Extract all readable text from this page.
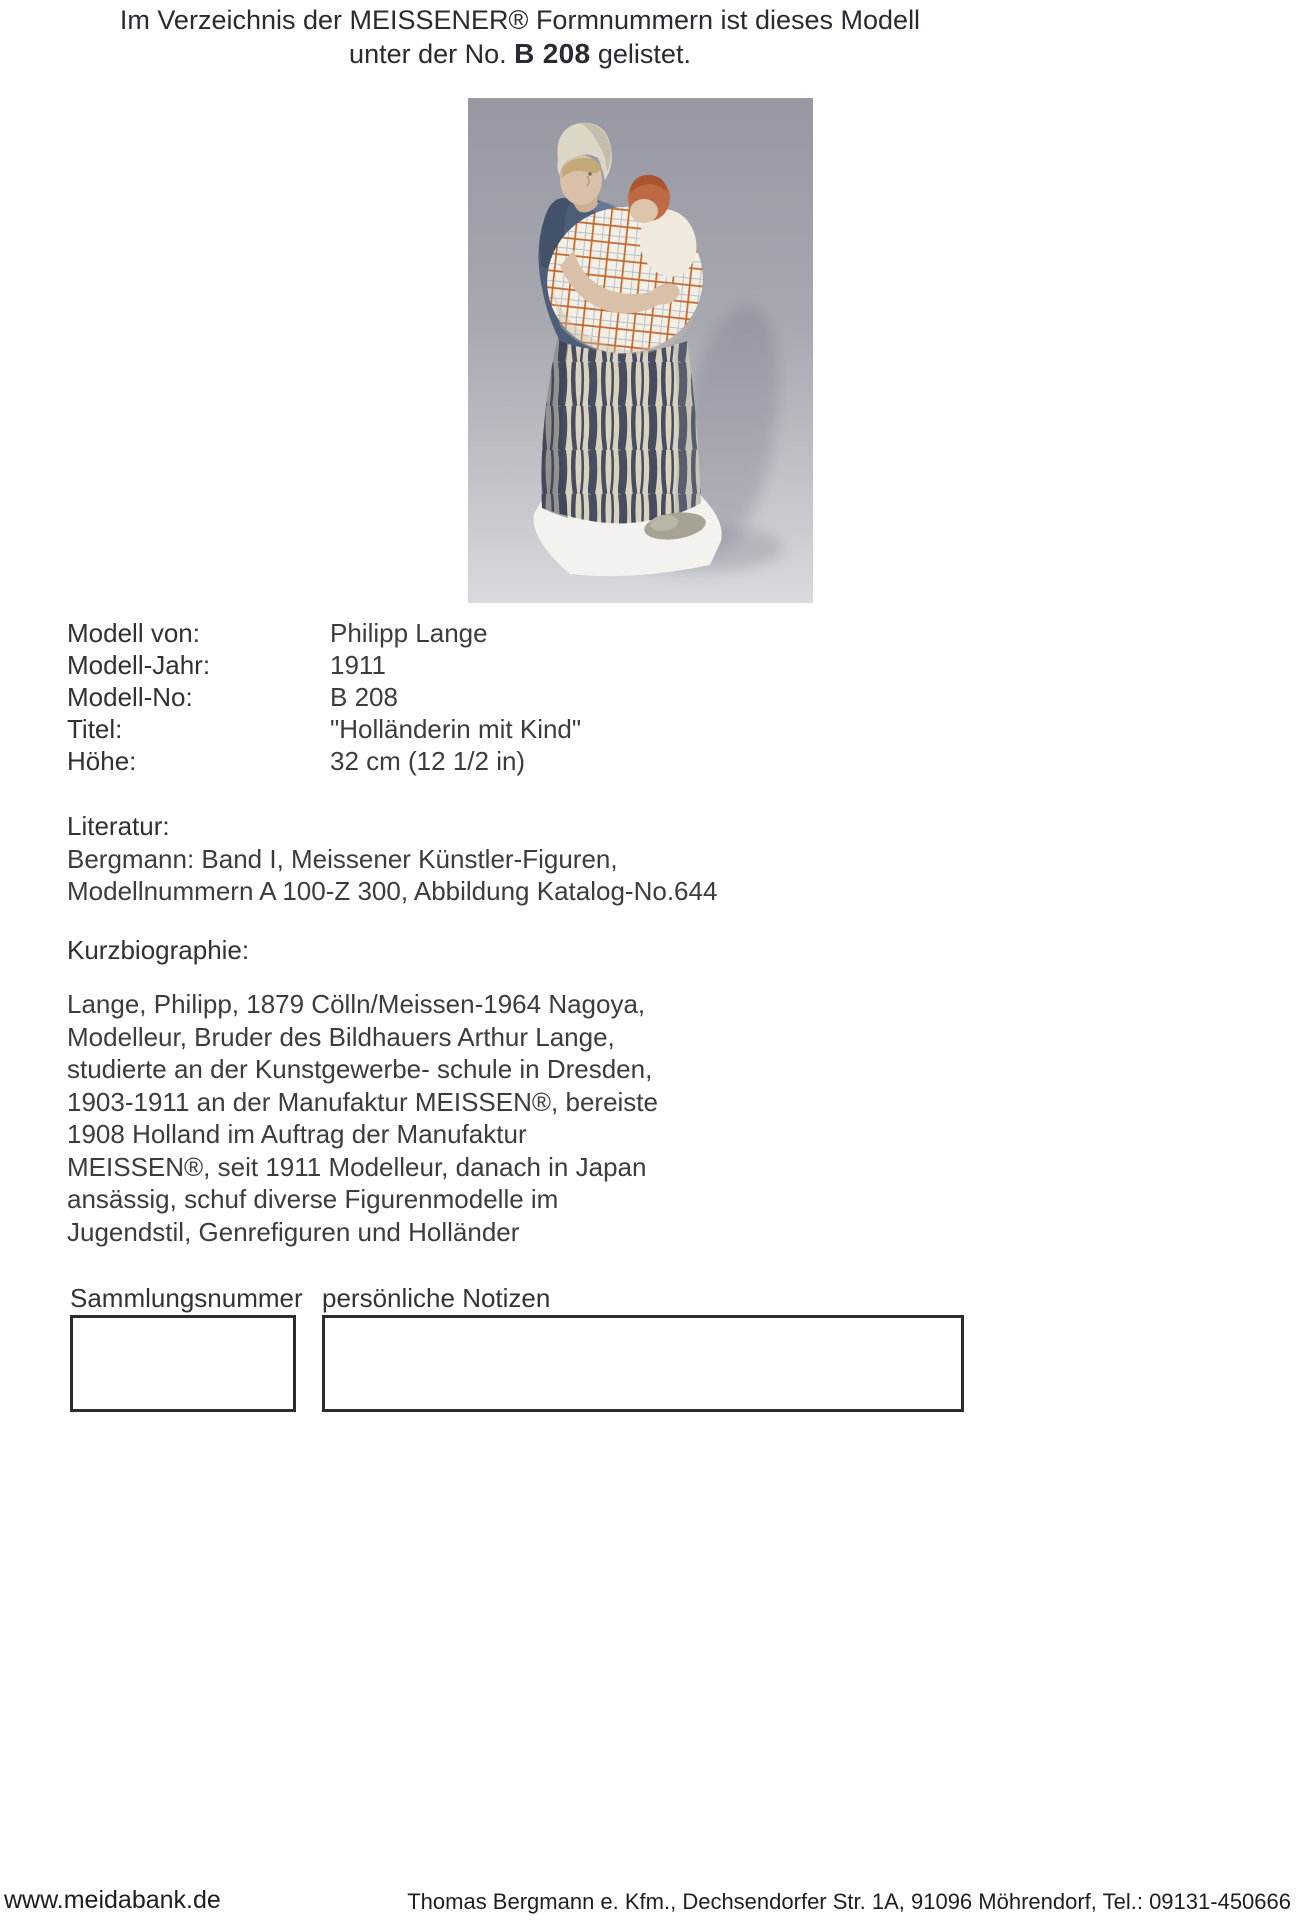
Im Verzeichnis der MEISSENER® Formnummern ist dieses Modell
unter der No. B 208 gelistet.
Modell von:	Philipp Lange
Modell-Jahr:	1911
Modell-No:	B 208
Titel:	"Holländerin mit Kind"
Höhe:	32 cm (12 1/2 in)
Literatur:
Bergmann: Band I, Meissener Künstler-Figuren,
Modellnummern A 100-Z 300, Abbildung Katalog-No.644
Kurzbiographie:
Lange, Philipp, 1879 Cölln/Meissen-1964 Nagoya,
Modelleur, Bruder des Bildhauers Arthur Lange,
studierte an der Kunstgewerbe- schule in Dresden,
1903-1911 an der Manufaktur MEISSEN®, bereiste
1908 Holland im Auftrag der Manufaktur
MEISSEN®, seit 1911 Modelleur, danach in Japan
ansässig, schuf diverse Figurenmodelle im
Jugendstil, Genrefiguren und Holländer
Sammlungsnummer persönliche Notizen
www.meidabank.de	Thomas Bergmann e. Kfm., Dechsendorfer Str. 1A, 91096 Möhrendorf, Tel.: 09131-450666
